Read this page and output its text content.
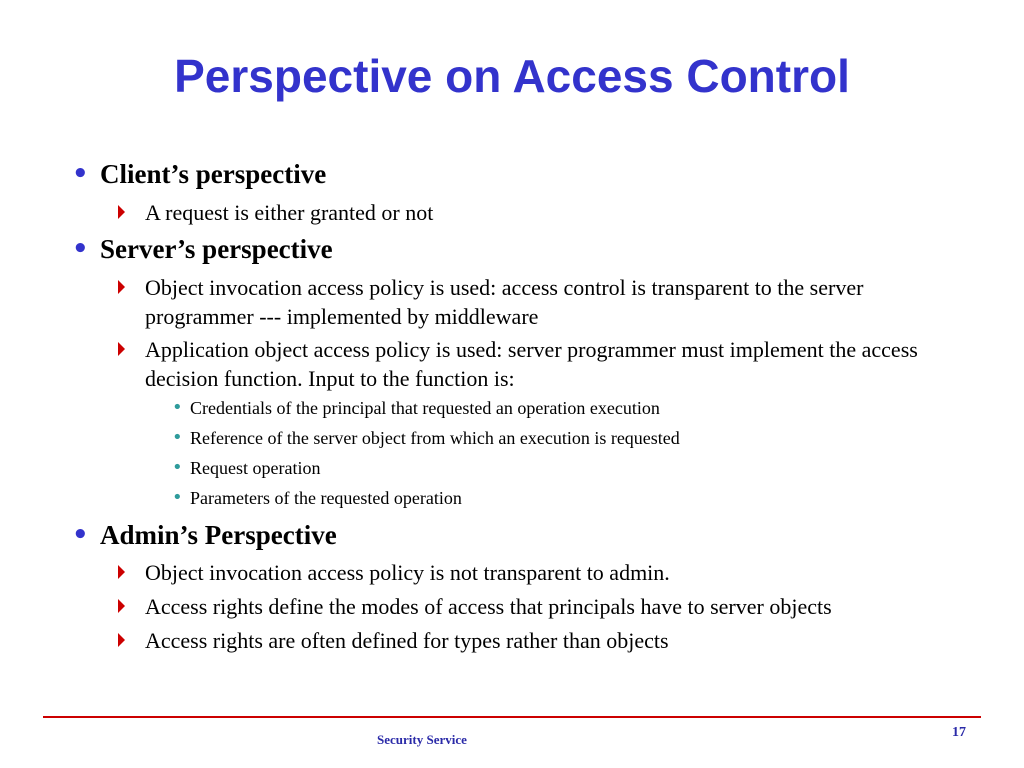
Perspective on Access Control
• Client’s perspective
A request is either granted or not
• Server’s perspective
Object invocation access policy is used: access control is transparent to the server programmer --- implemented by middleware
Application object access policy is used: server programmer must implement the access decision function. Input to the function is:
• Credentials of the principal that requested an operation execution
• Reference of the server object from which an execution is requested
• Request operation
• Parameters of the requested operation
• Admin’s Perspective
Object invocation access policy is not transparent to admin.
Access rights define the modes of access that principals have to server objects
Access rights are often defined for types rather than objects
Security Service	17
